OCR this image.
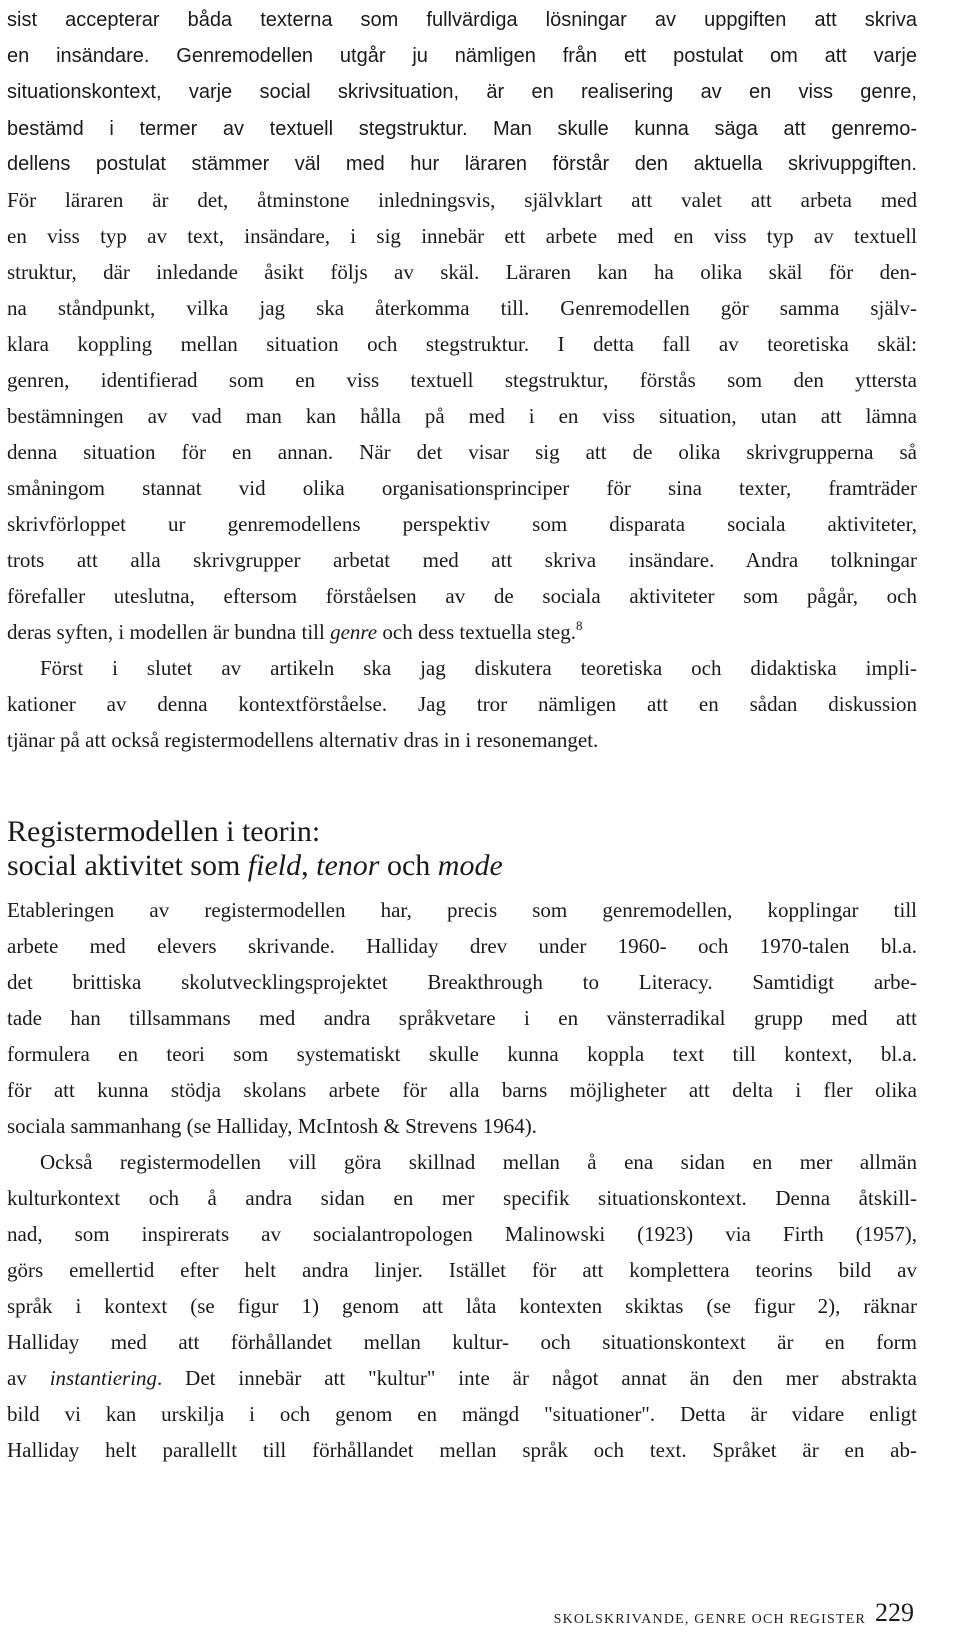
sist accepterar båda texterna som fullvärdiga lösningar av uppgiften att skriva
en insändare. Genremodellen utgår ju nämligen från ett postulat om att varje
situationskontext, varje social skrivsituation, är en realisering av en viss genre,
bestämd i termer av textuell stegstruktur. Man skulle kunna säga att genremo-
dellens postulat stämmer väl med hur läraren förstår den aktuella skrivuppgiften.
För läraren är det, åtminstone inledningsvis, självklart att valet att arbeta med
en viss typ av text, insändare, i sig innebär ett arbete med en viss typ av textuell
struktur, där inledande åsikt följs av skäl. Läraren kan ha olika skäl för den-
na ståndpunkt, vilka jag ska återkomma till. Genremodellen gör samma själv-
klara koppling mellan situation och stegstruktur. I detta fall av teoretiska skäl:
genren, identifierad som en viss textuell stegstruktur, förstås som den yttersta
bestämningen av vad man kan hålla på med i en viss situation, utan att lämna
denna situation för en annan. När det visar sig att de olika skrivgrupperna så
småningom stannat vid olika organisationsprinciper för sina texter, framträder
skrivförloppet ur genremodellens perspektiv som disparata sociala aktiviteter,
trots att alla skrivgrupper arbetat med att skriva insändare. Andra tolkningar
förefaller uteslutna, eftersom förståelsen av de sociala aktiviteter som pågår, och
deras syften, i modellen är bundna till genre och dess textuella steg.$^8$
Först i slutet av artikeln ska jag diskutera teoretiska och didaktiska impli-
kationer av denna kontextförståelse. Jag tror nämligen att en sådan diskussion
tjänar på att också registermodellens alternativ dras in i resonemanget.
Registermodellen i teorin:
social aktivitet som field, tenor och mode
Etableringen av registermodellen har, precis som genremodellen, kopplingar till
arbete med elevers skrivande. Halliday drev under 1960- och 1970-talen bl.a.
det brittiska skolutvecklingsprojektet Breakthrough to Literacy. Samtidigt arbe-
tade han tillsammans med andra språkvetare i en vänsterradikal grupp med att
formulera en teori som systematiskt skulle kunna koppla text till kontext, bl.a.
för att kunna stödja skolans arbete för alla barns möjligheter att delta i fler olika
sociala sammanhang (se Halliday, McIntosh & Strevens 1964).
Också registermodellen vill göra skillnad mellan å ena sidan en mer allmän
kulturkontext och å andra sidan en mer specifik situationskontext. Denna åtskill-
nad, som inspirerats av socialantropologen Malinowski (1923) via Firth (1957),
görs emellertid efter helt andra linjer. Istället för att komplettera teorins bild av
språk i kontext (se figur 1) genom att låta kontexten skiktas (se figur 2), räknar
Halliday med att förhållandet mellan kultur- och situationskontext är en form
av instantiering. Det innebär att "kultur" inte är något annat än den mer abstrakta
bild vi kan urskilja i och genom en mängd "situationer". Detta är vidare enligt
Halliday helt parallellt till förhållandet mellan språk och text. Språket är en ab-
SKOLSKRIVANDE, GENRE OCH REGISTER 229
